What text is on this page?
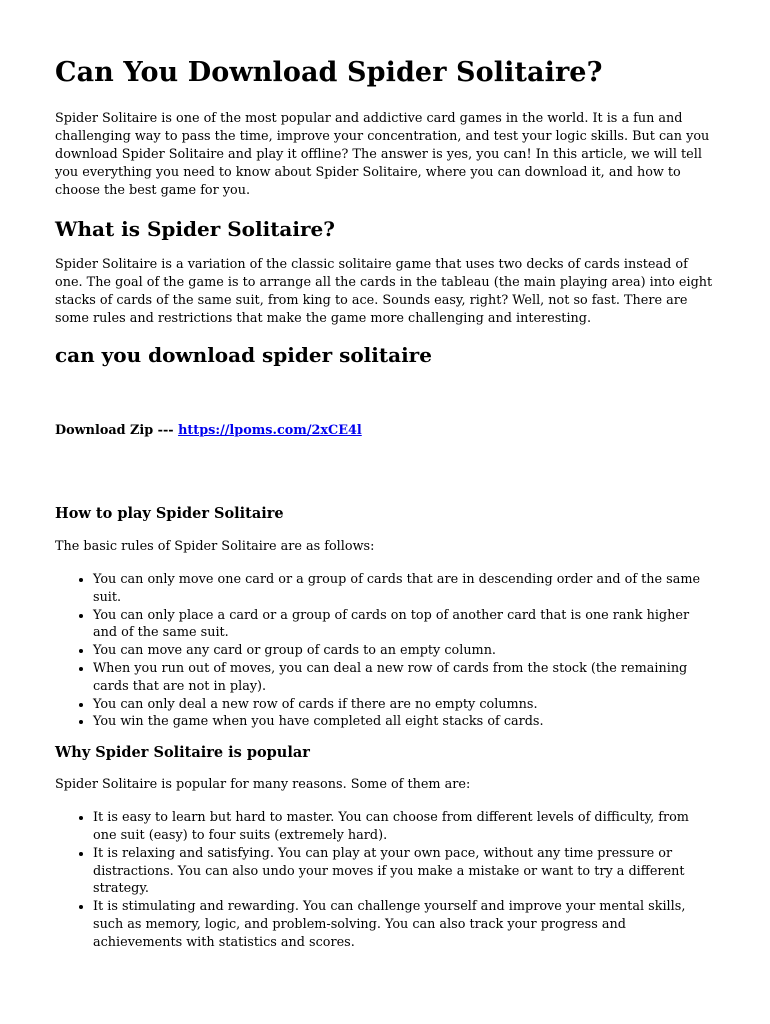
Can You Download Spider Solitaire?

Spider Solitaire is one of the most popular and addictive card games in the world. It is a fun and challenging way to pass the time, improve your concentration, and test your logic skills. But can you download Spider Solitaire and play it offline? The answer is yes, you can! In this article, we will tell you everything you need to know about Spider Solitaire, where you can download it, and how to choose the best game for you.

What is Spider Solitaire?

Spider Solitaire is a variation of the classic solitaire game that uses two decks of cards instead of one. The goal of the game is to arrange all the cards in the tableau (the main playing area) into eight stacks of cards of the same suit, from king to ace. Sounds easy, right? Well, not so fast. There are some rules and restrictions that make the game more challenging and interesting.

can you download spider solitaire
Download Zip --- https://lpoms.com/2xCE4l
How to play Spider Solitaire

The basic rules of Spider Solitaire are as follows:

• You can only move one card or a group of cards that are in descending order and of the same suit.
• You can only place a card or a group of cards on top of another card that is one rank higher and of the same suit.
• You can move any card or group of cards to an empty column.
• When you run out of moves, you can deal a new row of cards from the stock (the remaining cards that are not in play).
• You can only deal a new row of cards if there are no empty columns.
• You win the game when you have completed all eight stacks of cards.
Why Spider Solitaire is popular

Spider Solitaire is popular for many reasons. Some of them are:

• It is easy to learn but hard to master. You can choose from different levels of difficulty, from one suit (easy) to four suits (extremely hard).
• It is relaxing and satisfying. You can play at your own pace, without any time pressure or distractions. You can also undo your moves if you make a mistake or want to try a different strategy.
• It is stimulating and rewarding. You can challenge yourself and improve your mental skills, such as memory, logic, and problem-solving. You can also track your progress and achievements with statistics and scores.
